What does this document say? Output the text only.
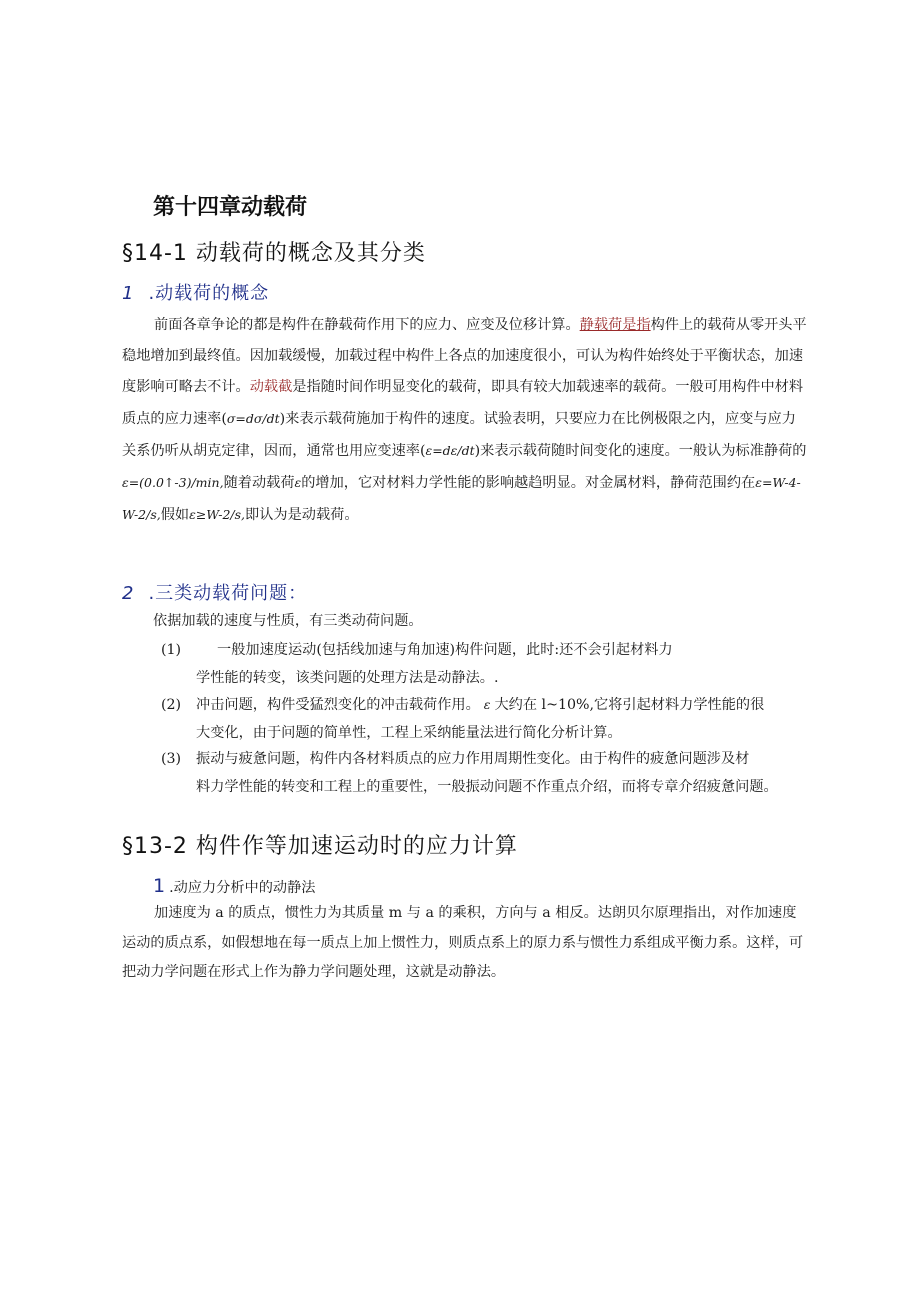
第十四章动载荷
§14-1 动载荷的概念及其分类
1 .动载荷的概念
前面各章争论的都是构件在静载荷作用下的应力、应变及位移计算。静载荷是指构件上的载荷从零开头平稳地增加到最终值。因加载缓慢，加载过程中构件上各点的加速度很小，可认为构件始终处于平衡状态，加速度影响可略去不计。动载截是指随时间作明显变化的载荷，即具有较大加载速率的载荷。一般可用构件中材料质点的应力速率(σ=dσ/dt)来表示载荷施加于构件的速度。试验表明，只要应力在比例极限之内，应变与应力关系仍听从胡克定律，因而，通常也用应变速率(ε=dε/dt)来表示载荷随时间变化的速度。一般认为标准静荷的ε=(0.0↑-3)/min,随着动载荷ε的增加，它对材料力学性能的影响越趋明显。对金属材料，静荷范围约在ε=W-4-W-2/s,假如ε≥W-2/s,即认为是动载荷。
2 .三类动载荷问题：
依据加载的速度与性质，有三类动荷问题。
(1)	一般加速度运动(包括线加速与角加速)构件问题，此时:还不会引起材料力
学性能的转变，该类问题的处理方法是动静法。.
(2) 冲击问题，构件受猛烈变化的冲击载荷作用。 ε 大约在 l~10%,它将引起材料力学性能的很
大变化，由于问题的简单性，工程上采纳能量法进行简化分析计算。
(3) 振动与疲惫问题，构件内各材料质点的应力作用周期性变化。由于构件的疲惫问题涉及材
料力学性能的转变和工程上的重要性，一般振动问题不作重点介绍，而将专章介绍疲惫问题。
§13-2 构件作等加速运动时的应力计算
1 .动应力分析中的动静法
加速度为 a 的质点，惯性力为其质量 m 与 a 的乘积，方向与 a 相反。达朗贝尔原理指出，对作加速度运动的质点系，如假想地在每一质点上加上惯性力，则质点系上的原力系与惯性力系组成平衡力系。这样，可把动力学问题在形式上作为静力学问题处理，这就是动静法。
